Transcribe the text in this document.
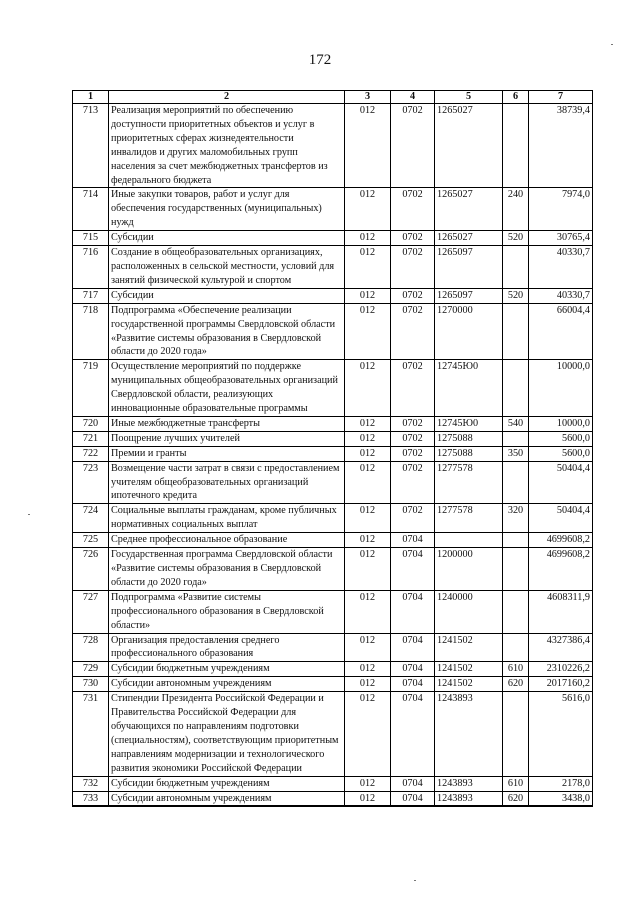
172
1	2	3	4	5	6	7
713	Реализация мероприятий по обеспечению доступности приоритетных объектов и услуг в приоритетных сферах жизнедеятельности инвалидов и других маломобильных групп населения за счет межбюджетных трансфертов из федерального бюджета	012	0702	1265027		38739,4
714	Иные закупки товаров, работ и услуг для обеспечения государственных (муниципальных) нужд	012	0702	1265027	240	7974,0
715	Субсидии	012	0702	1265027	520	30765,4
716	Создание в общеобразовательных организациях, расположенных в сельской местности, условий для занятий физической культурой и спортом	012	0702	1265097		40330,7
717	Субсидии	012	0702	1265097	520	40330,7
718	Подпрограмма «Обеспечение реализации государственной программы Свердловской области «Развитие системы образования в Свердловской области до 2020 года»	012	0702	1270000		66004,4
719	Осуществление мероприятий по поддержке муниципальных общеобразовательных организаций Свердловской области, реализующих инновационные образовательные программы	012	0702	12745Ю0		10000,0
720	Иные межбюджетные трансферты	012	0702	12745Ю0	540	10000,0
721	Поощрение лучших учителей	012	0702	1275088		5600,0
722	Премии и гранты	012	0702	1275088	350	5600,0
723	Возмещение части затрат в связи с предоставлением учителям общеобразовательных организаций ипотечного кредита	012	0702	1277578		50404,4
724	Социальные выплаты гражданам, кроме публичных нормативных социальных выплат	012	0702	1277578	320	50404,4
725	Среднее профессиональное образование	012	0704			4699608,2
726	Государственная программа Свердловской области «Развитие системы образования в Свердловской области до 2020 года»	012	0704	1200000		4699608,2
727	Подпрограмма «Развитие системы профессионального образования в Свердловской области»	012	0704	1240000		4608311,9
728	Организация предоставления среднего профессионального образования	012	0704	1241502		4327386,4
729	Субсидии бюджетным учреждениям	012	0704	1241502	610	2310226,2
730	Субсидии автономным учреждениям	012	0704	1241502	620	2017160,2
731	Стипендии Президента Российской Федерации и Правительства Российской Федерации для обучающихся по направлениям подготовки (специальностям), соответствующим приоритетным направлениям модернизации и технологического развития экономики Российской Федерации	012	0704	1243893		5616,0
732	Субсидии бюджетным учреждениям	012	0704	1243893	610	2178,0
733	Субсидии автономным учреждениям	012	0704	1243893	620	3438,0
